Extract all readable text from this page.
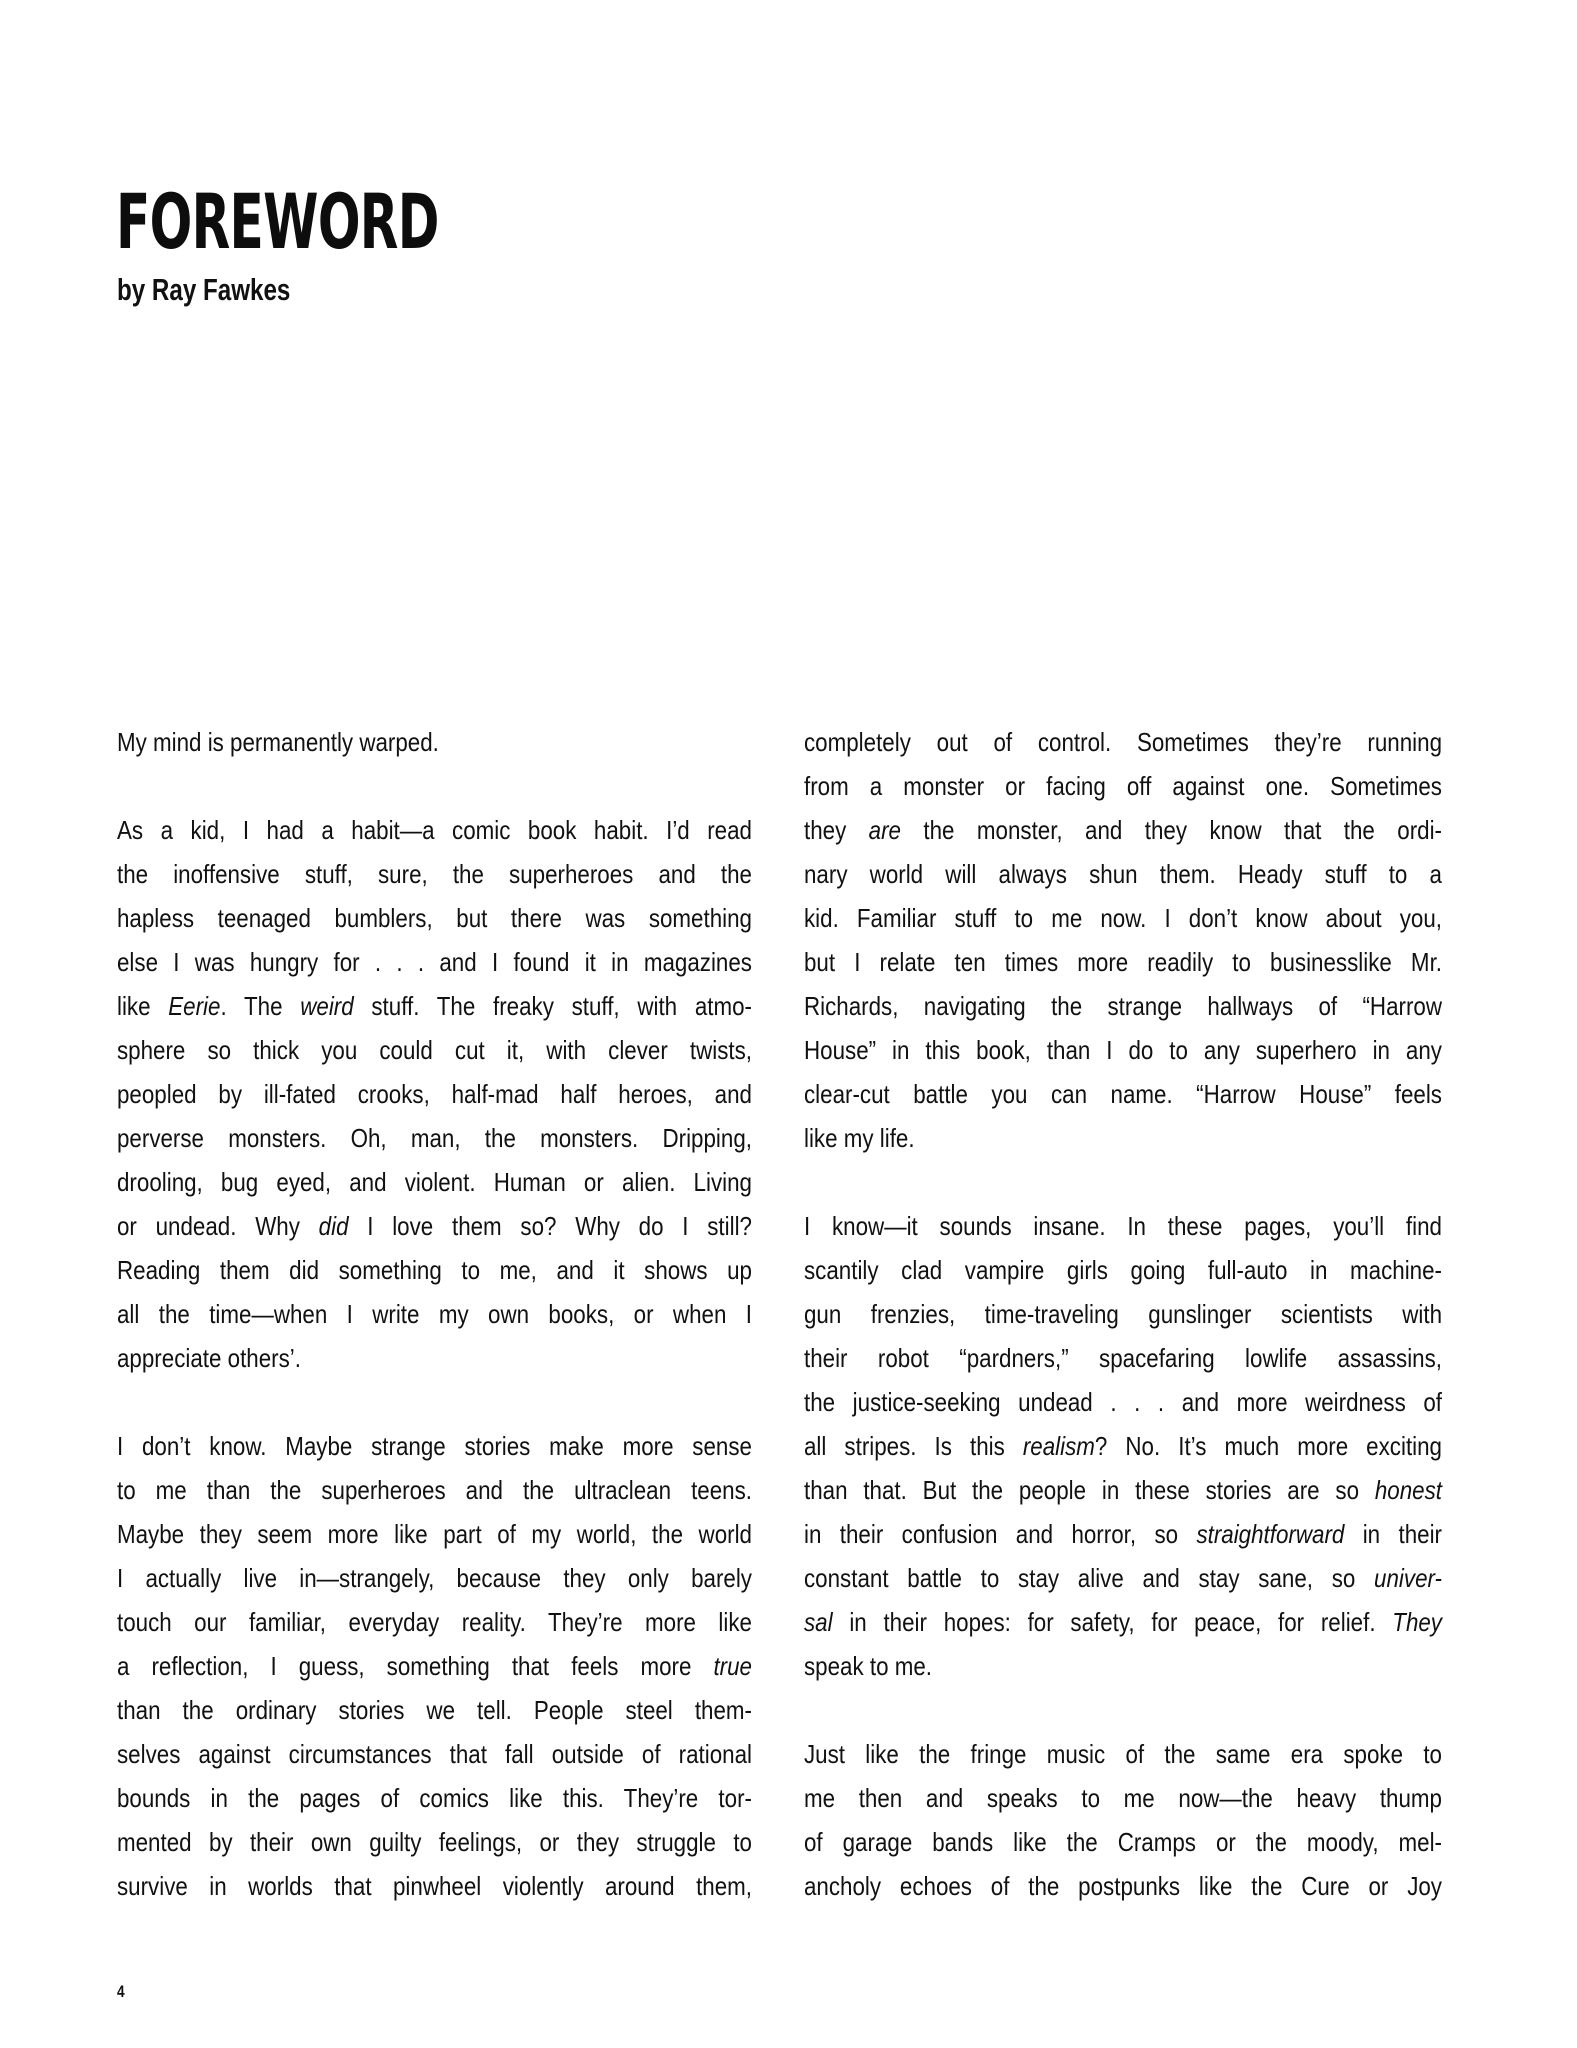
FOREWORD
by Ray Fawkes
My mind is permanently warped.
As a kid, I had a habit—a comic book habit. I’d read
the inoffensive stuff, sure, the superheroes and the
hapless teenaged bumblers, but there was something
else I was hungry for . . . and I found it in magazines
like Eerie. The weird stuff. The freaky stuff, with atmo-
sphere so thick you could cut it, with clever twists,
peopled by ill-fated crooks, half-mad half heroes, and
perverse monsters. Oh, man, the monsters. Dripping,
drooling, bug eyed, and violent. Human or alien. Living
or undead. Why did I love them so? Why do I still?
Reading them did something to me, and it shows up
all the time—when I write my own books, or when I
appreciate others’.
I don’t know. Maybe strange stories make more sense
to me than the superheroes and the ultraclean teens.
Maybe they seem more like part of my world, the world
I actually live in—strangely, because they only barely
touch our familiar, everyday reality. They’re more like
a reflection, I guess, something that feels more true
than the ordinary stories we tell. People steel them-
selves against circumstances that fall outside of rational
bounds in the pages of comics like this. They’re tor-
mented by their own guilty feelings, or they struggle to
survive in worlds that pinwheel violently around them,
completely out of control. Sometimes they’re running
from a monster or facing off against one. Sometimes
they are the monster, and they know that the ordi-
nary world will always shun them. Heady stuff to a
kid. Familiar stuff to me now. I don’t know about you,
but I relate ten times more readily to businesslike Mr.
Richards, navigating the strange hallways of “Harrow
House” in this book, than I do to any superhero in any
clear-cut battle you can name. “Harrow House” feels
like my life.
I know—it sounds insane. In these pages, you’ll find
scantily clad vampire girls going full-auto in machine-
gun frenzies, time-traveling gunslinger scientists with
their robot “pardners,” spacefaring lowlife assassins,
the justice-seeking undead . . . and more weirdness of
all stripes. Is this realism? No. It’s much more exciting
than that. But the people in these stories are so honest
in their confusion and horror, so straightforward in their
constant battle to stay alive and stay sane, so univer-
sal in their hopes: for safety, for peace, for relief. They
speak to me.
Just like the fringe music of the same era spoke to
me then and speaks to me now—the heavy thump
of garage bands like the Cramps or the moody, mel-
ancholy echoes of the postpunks like the Cure or Joy
4
